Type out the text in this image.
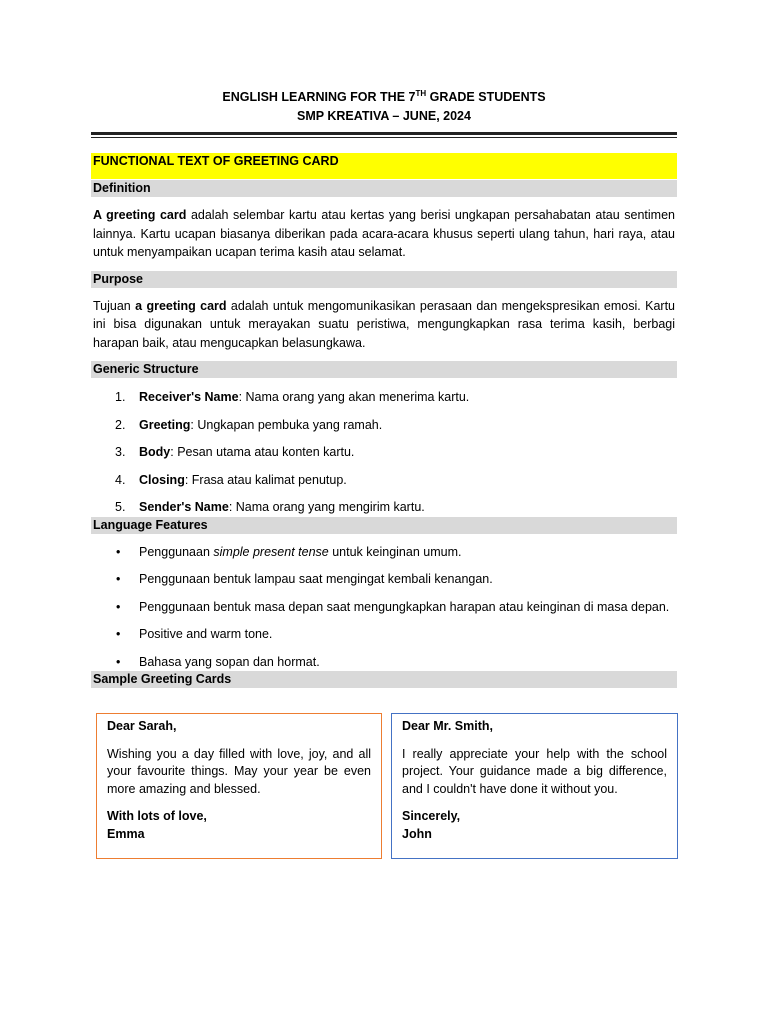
ENGLISH LEARNING FOR THE 7TH GRADE STUDENTS
SMP KREATIVA – JUNE, 2024
FUNCTIONAL TEXT OF GREETING CARD
Definition

A greeting card adalah selembar kartu atau kertas yang berisi ungkapan persahabatan atau sentimen lainnya. Kartu ucapan biasanya diberikan pada acara-acara khusus seperti ulang tahun, hari raya, atau untuk menyampaikan ucapan terima kasih atau selamat.

Purpose

Tujuan a greeting card adalah untuk mengomunikasikan perasaan dan mengekspresikan emosi. Kartu ini bisa digunakan untuk merayakan suatu peristiwa, mengungkapkan rasa terima kasih, berbagi harapan baik, atau mengucapkan belasungkawa.

Generic Structure
1. Receiver's Name: Nama orang yang akan menerima kartu.
2. Greeting: Ungkapan pembuka yang ramah.
3. Body: Pesan utama atau konten kartu.
4. Closing: Frasa atau kalimat penutup.
5. Sender's Name: Nama orang yang mengirim kartu.
Language Features
• Penggunaan simple present tense untuk keinginan umum.
• Penggunaan bentuk lampau saat mengingat kembali kenangan.
• Penggunaan bentuk masa depan saat mengungkapkan harapan atau keinginan di masa depan.
• Positive and warm tone.
• Bahasa yang sopan dan hormat.
Sample Greeting Cards
Dear Sarah,
Wishing you a day filled with love, joy, and all your favourite things. May your year be even more amazing and blessed.
With lots of love,
Emma
Dear Mr. Smith,
I really appreciate your help with the school project. Your guidance made a big difference, and I couldn't have done it without you.
Sincerely,
John
